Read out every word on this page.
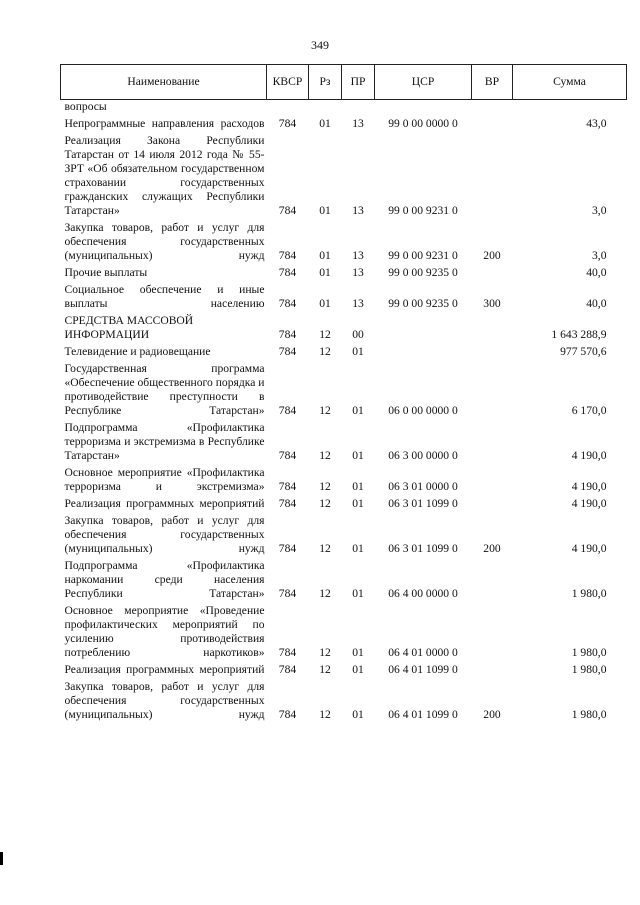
349
Наименование	КВСР	Рз	ПР	ЦСР	ВР	Сумма

вопросы						

Непрограммные направления расходов	784	01	13	99 0 00 0000 0		43,0

Реализация Закона Республики Татарстан от 14 июля 2012 года № 55-ЗРТ «Об обязательном государственном страховании государственных гражданских служащих Республики Татарстан»	784	01	13	99 0 00 9231 0		3,0

Закупка товаров, работ и услуг для обеспечения государственных (муниципальных) нужд	784	01	13	99 0 00 9231 0	200	3,0

Прочие выплаты	784	01	13	99 0 00 9235 0		40,0

Социальное обеспечение и иные выплаты населению	784	01	13	99 0 00 9235 0	300	40,0

СРЕДСТВА МАССОВОЙ ИНФОРМАЦИИ	784	12	00			1 643 288,9

Телевидение и радиовещание	784	12	01			977 570,6

Государственная программа «Обеспечение общественного порядка и противодействие преступности в Республике Татарстан»	784	12	01	06 0 00 0000 0		6 170,0

Подпрограмма «Профилактика терроризма и экстремизма в Республике Татарстан»	784	12	01	06 3 00 0000 0		4 190,0

Основное мероприятие «Профилактика терроризма и экстремизма»	784	12	01	06 3 01 0000 0		4 190,0

Реализация программных мероприятий	784	12	01	06 3 01 1099 0		4 190,0

Закупка товаров, работ и услуг для обеспечения государственных (муниципальных) нужд	784	12	01	06 3 01 1099 0	200	4 190,0

Подпрограмма «Профилактика наркомании среди населения Республики Татарстан»	784	12	01	06 4 00 0000 0		1 980,0

Основное мероприятие «Проведение профилактических мероприятий по усилению противодействия потреблению наркотиков»	784	12	01	06 4 01 0000 0		1 980,0

Реализация программных мероприятий	784	12	01	06 4 01 1099 0		1 980,0

Закупка товаров, работ и услуг для обеспечения государственных (муниципальных) нужд	784	12	01	06 4 01 1099 0	200	1 980,0
